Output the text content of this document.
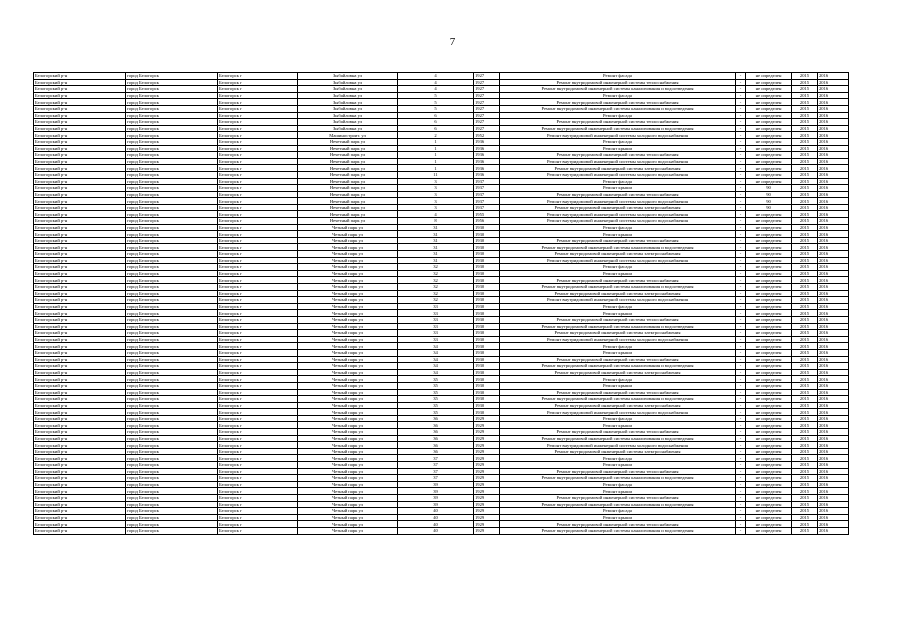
7
Белогорский р-н	город Белогорск	Белогорск г	Зыбайловна ул	4	1927	Ремонт фасада	-	не определен	2015	2016
Белогорский р-н	город Белогорск	Белогорск г	Зыбайловна ул	4	1927	Ремонт внутридомовой инженерной системы теплоснабжения	-	не определен	2015	2016
Белогорский р-н	город Белогорск	Белогорск г	Зыбайловна ул	4	1927	Ремонт внутридомовой инженерной системы канализования и водоотведения	-	не определен	2015	2016
Белогорский р-н	город Белогорск	Белогорск г	Зыбайловна ул	5	1927	Ремонт фасада	-	не определен	2015	2016
Белогорский р-н	город Белогорск	Белогорск г	Зыбайловна ул	5	1927	Ремонт внутридомовой инженерной системы теплоснабжения	-	не определен	2015	2016
Белогорский р-н	город Белогорск	Белогорск г	Зыбайловна ул	5	1927	Ремонт внутридомовой инженерной системы канализования и водоотведения	-	не определен	2015	2016
Белогорский р-н	город Белогорск	Белогорск г	Зыбайловна ул	6	1927	Ремонт фасада	-	не определен	2015	2016
Белогорский р-н	город Белогорск	Белогорск г	Зыбайловна ул	6	1927	Ремонт внутридомовой инженерной системы теплоснабжения	-	не определен	2015	2016
Белогорский р-н	город Белогорск	Белогорск г	Зыбайловна ул	6	1927	Ремонт внутридомовой инженерной системы канализования и водоотведения	-	не определен	2015	2016
Белогорский р-н	город Белогорск	Белогорск г	Машиностроит. ул	2	1952	Ремонт внутридомовой инженерной системы холодного водоснабжения	-	не определен	2015	2016
Белогорский р-н	город Белогорск	Белогорск г	Нечетный парк ул	1	1936	Ремонт фасада	-	не определен	2015	2016
Белогорский р-н	город Белогорск	Белогорск г	Нечетный парк ул	1	1936	Ремонт крыши	-	не определен	2015	2016
Белогорский р-н	город Белогорск	Белогорск г	Нечетный парк ул	1	1936	Ремонт внутридомовой инженерной системы теплоснабжения	-	не определен	2015	2016
Белогорский р-н	город Белогорск	Белогорск г	Нечетный парк ул	1	1936	Ремонт внутридомовой инженерной системы холодного водоснабжения	-	не определен	2015	2016
Белогорский р-н	город Белогорск	Белогорск г	Нечетный парк ул	1	1936	Ремонт внутридомовой инженерной системы электроснабжения	-	не определен	2015	2016
Белогорский р-н	город Белогорск	Белогорск г	Нечетный парк ул	11	1936	Ремонт внутридомовой инженерной системы холодного водоснабжения	-	не определен	2015	2016
Белогорский р-н	город Белогорск	Белогорск г	Нечетный парк ул	3	1937	Ремонт фасада	-	не определен	2015	2016
Белогорский р-н	город Белогорск	Белогорск г	Нечетный парк ул	3	1937	Ремонт крыши	-	90	2015	2016
Белогорский р-н	город Белогорск	Белогорск г	Нечетный парк ул	3	1937	Ремонт внутридомовой инженерной системы теплоснабжения	-	90	2015	2016
Белогорский р-н	город Белогорск	Белогорск г	Нечетный парк ул	3	1937	Ремонт внутридомовой инженерной системы холодного водоснабжения	-	90	2015	2016
Белогорский р-н	город Белогорск	Белогорск г	Нечетный парк ул	3	1937	Ремонт внутридомовой инженерной системы электроснабжения	-	90	2015	2016
Белогорский р-н	город Белогорск	Белогорск г	Нечетный парк ул	4	1955	Ремонт внутридомовой инженерной системы холодного водоснабжения	-	не определен	2015	2016
Белогорский р-н	город Белогорск	Белогорск г	Нечетный парк ул	8	1956	Ремонт внутридомовой инженерной системы холодного водоснабжения	-	не определен	2015	2016
Белогорский р-н	город Белогорск	Белогорск г	Четный парк ул	31	1930	Ремонт фасада	-	не определен	2015	2016
Белогорский р-н	город Белогорск	Белогорск г	Четный парк ул	31	1930	Ремонт крыши	-	не определен	2015	2016
Белогорский р-н	город Белогорск	Белогорск г	Четный парк ул	31	1930	Ремонт внутридомовой инженерной системы теплоснабжения	-	не определен	2015	2016
Белогорский р-н	город Белогорск	Белогорск г	Четный парк ул	31	1930	Ремонт внутридомовой инженерной системы канализования и водоотведения	-	не определен	2015	2016
Белогорский р-н	город Белогорск	Белогорск г	Четный парк ул	31	1930	Ремонт внутридомовой инженерной системы электроснабжения	-	не определен	2015	2016
Белогорский р-н	город Белогорск	Белогорск г	Четный парк ул	31	1930	Ремонт внутридомовой инженерной системы холодного водоснабжения	-	не определен	2015	2016
Белогорский р-н	город Белогорск	Белогорск г	Четный парк ул	32	1930	Ремонт фасада	-	не определен	2015	2016
Белогорский р-н	город Белогорск	Белогорск г	Четный парк ул	32	1930	Ремонт крыши	-	не определен	2015	2016
Белогорский р-н	город Белогорск	Белогорск г	Четный парк ул	32	1930	Ремонт внутридомовой инженерной системы теплоснабжения	-	не определен	2015	2016
Белогорский р-н	город Белогорск	Белогорск г	Четный парк ул	32	1930	Ремонт внутридомовой инженерной системы канализования и водоотведения	-	не определен	2015	2016
Белогорский р-н	город Белогорск	Белогорск г	Четный парк ул	32	1930	Ремонт внутридомовой инженерной системы электроснабжения	-	не определен	2015	2016
Белогорский р-н	город Белогорск	Белогорск г	Четный парк ул	32	1930	Ремонт внутридомовой инженерной системы холодного водоснабжения	-	не определен	2015	2016
Белогорский р-н	город Белогорск	Белогорск г	Четный парк ул	33	1930	Ремонт фасада	-	не определен	2015	2016
Белогорский р-н	город Белогорск	Белогорск г	Четный парк ул	33	1930	Ремонт крыши	-	не определен	2015	2016
Белогорский р-н	город Белогорск	Белогорск г	Четный парк ул	33	1930	Ремонт внутридомовой инженерной системы теплоснабжения	-	не определен	2015	2016
Белогорский р-н	город Белогорск	Белогорск г	Четный парк ул	33	1930	Ремонт внутридомовой инженерной системы канализования и водоотведения	-	не определен	2015	2016
Белогорский р-н	город Белогорск	Белогорск г	Четный парк ул	33	1930	Ремонт внутридомовой инженерной системы электроснабжения	-	не определен	2015	2016
Белогорский р-н	город Белогорск	Белогорск г	Четный парк ул	33	1930	Ремонт внутридомовой инженерной системы холодного водоснабжения	-	не определен	2015	2016
Белогорский р-н	город Белогорск	Белогорск г	Четный парк ул	34	1930	Ремонт фасада	-	не определен	2015	2016
Белогорский р-н	город Белогорск	Белогорск г	Четный парк ул	34	1930	Ремонт крыши	-	не определен	2015	2016
Белогорский р-н	город Белогорск	Белогорск г	Четный парк ул	34	1930	Ремонт внутридомовой инженерной системы теплоснабжения	-	не определен	2015	2016
Белогорский р-н	город Белогорск	Белогорск г	Четный парк ул	34	1930	Ремонт внутридомовой инженерной системы канализования и водоотведения	-	не определен	2015	2016
Белогорский р-н	город Белогорск	Белогорск г	Четный парк ул	34	1930	Ремонт внутридомовой инженерной системы электроснабжения	-	не определен	2015	2016
Белогорский р-н	город Белогорск	Белогорск г	Четный парк ул	35	1930	Ремонт фасада	-	не определен	2015	2016
Белогорский р-н	город Белогорск	Белогорск г	Четный парк ул	35	1930	Ремонт крыши	-	не определен	2015	2016
Белогорский р-н	город Белогорск	Белогорск г	Четный парк ул	35	1930	Ремонт внутридомовой инженерной системы теплоснабжения	-	не определен	2015	2016
Белогорский р-н	город Белогорск	Белогорск г	Четный парк ул	35	1930	Ремонт внутридомовой инженерной системы канализования и водоотведения	-	не определен	2015	2016
Белогорский р-н	город Белогорск	Белогорск г	Четный парк ул	35	1930	Ремонт внутридомовой инженерной системы электроснабжения	-	не определен	2015	2016
Белогорский р-н	город Белогорск	Белогорск г	Четный парк ул	35	1930	Ремонт внутридомовой инженерной системы холодного водоснабжения	-	не определен	2015	2016
Белогорский р-н	город Белогорск	Белогорск г	Четный парк ул	36	1929	Ремонт фасада	-	не определен	2015	2016
Белогорский р-н	город Белогорск	Белогорск г	Четный парк ул	36	1929	Ремонт крыши	-	не определен	2015	2016
Белогорский р-н	город Белогорск	Белогорск г	Четный парк ул	36	1929	Ремонт внутридомовой инженерной системы теплоснабжения	-	не определен	2015	2016
Белогорский р-н	город Белогорск	Белогорск г	Четный парк ул	36	1929	Ремонт внутридомовой инженерной системы канализования и водоотведения	-	не определен	2015	2016
Белогорский р-н	город Белогорск	Белогорск г	Четный парк ул	36	1929	Ремонт внутридомовой инженерной системы холодного водоснабжения	-	не определен	2015	2016
Белогорский р-н	город Белогорск	Белогорск г	Четный парк ул	36	1929	Ремонт внутридомовой инженерной системы электроснабжения	-	не определен	2015	2016
Белогорский р-н	город Белогорск	Белогорск г	Четный парк ул	37	1929	Ремонт фасада	-	не определен	2015	2016
Белогорский р-н	город Белогорск	Белогорск г	Четный парк ул	37	1929	Ремонт крыши	-	не определен	2015	2016
Белогорский р-н	город Белогорск	Белогорск г	Четный парк ул	37	1929	Ремонт внутридомовой инженерной системы теплоснабжения	-	не определен	2015	2016
Белогорский р-н	город Белогорск	Белогорск г	Четный парк ул	37	1929	Ремонт внутридомовой инженерной системы канализования и водоотведения	-	не определен	2015	2016
Белогорский р-н	город Белогорск	Белогорск г	Четный парк ул	39	1929	Ремонт фасада	-	не определен	2015	2016
Белогорский р-н	город Белогорск	Белогорск г	Четный парк ул	39	1929	Ремонт крыши	-	не определен	2015	2016
Белогорский р-н	город Белогорск	Белогорск г	Четный парк ул	39	1929	Ремонт внутридомовой инженерной системы теплоснабжения	-	не определен	2015	2016
Белогорский р-н	город Белогорск	Белогорск г	Четный парк ул	39	1929	Ремонт внутридомовой инженерной системы канализования и водоотведения	-	не определен	2015	2016
Белогорский р-н	город Белогорск	Белогорск г	Четный парк ул	40	1929	Ремонт фасада	-	не определен	2015	2016
Белогорский р-н	город Белогорск	Белогорск г	Четный парк ул	40	1929	Ремонт крыши	-	не определен	2015	2016
Белогорский р-н	город Белогорск	Белогорск г	Четный парк ул	40	1929	Ремонт внутридомовой инженерной системы теплоснабжения	-	не определен	2015	2016
Белогорский р-н	город Белогорск	Белогорск г	Четный парк ул	40	1929	Ремонт внутридомовой инженерной системы канализования и водоотведения	-	не определен	2015	2016
